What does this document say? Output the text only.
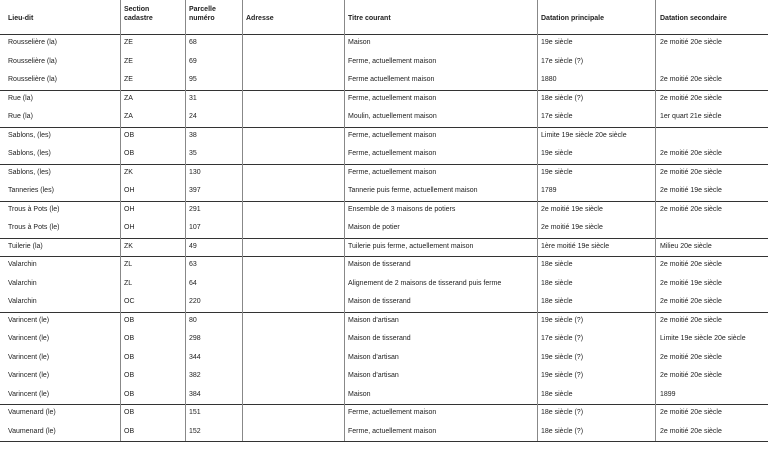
Lieu-dit
Section
cadastre
Parcelle
numéro	Adresse	Titre courant	Datation principale	Datation secondaire
Rousselière (la)	ZE	68	Maison	19e siècle	2e moitié 20e siècle
Rousselière (la)	ZE	69	Ferme, actuellement maison	17e siècle (?)
Rousselière (la)	ZE	95	Ferme actuellement maison	1880	2e moitié 20e siècle
Rue (la)	ZA	31	Ferme, actuellement maison	18e siècle (?)	2e moitié 20e siècle
Rue (la)	ZA	24	Moulin, actuellement maison	17e siècle	1er quart 21e siècle
Sablons, (les)	OB	38	Ferme, actuellement maison	Limite 19e siècle 20e siècle
Sablons, (les)	OB	35	Ferme, actuellement maison	19e siècle	2e moitié 20e siècle
Sablons, (les)	ZK	130	Ferme, actuellement maison	19e siècle	2e moitié 20e siècle
Tanneries (les)	OH	397	Tannerie puis ferme, actuellement maison	1789	2e moitié 19e siècle
Trous à Pots (le)	OH	291	Ensemble de 3 maisons de potiers	2e moitié 19e siècle	2e moitié 20e siècle
Trous à Pots (le)	OH	107	Maison de potier	2e moitié 19e siècle
Tuilerie (la)	ZK	49	Tuilerie puis ferme, actuellement maison	1ère moitié 19e siècle	Milieu 20e siècle
Valarchin	ZL	63	Maison de tisserand	18e siècle	2e moitié 20e siècle
Valarchin	ZL	64	Alignement de 2 maisons de tisserand puis ferme	18e siècle	2e moitié 19e siècle
Valarchin	OC	220	Maison de tisserand	18e siècle	2e moitié 20e siècle
Varincent (le)	OB	80	Maison d'artisan	19e siècle (?)	2e moitié 20e siècle
Varincent (le)	OB	298	Maison de tisserand	17e siècle (?)	Limite 19e siècle 20e siècle
Varincent (le)	OB	344	Maison d'artisan	19e siècle (?)	2e moitié 20e siècle
Varincent (le)	OB	382	Maison d'artisan	19e siècle (?)	2e moitié 20e siècle
Varincent (le)	OB	384	Maison	18e siècle	1899
Vaumenard (le)	OB	151	Ferme, actuellement maison	18e siècle (?)	2e moitié 20e siècle
Vaumenard (le)	OB	152	Ferme, actuellement maison	18e siècle (?)	2e moitié 20e siècle
